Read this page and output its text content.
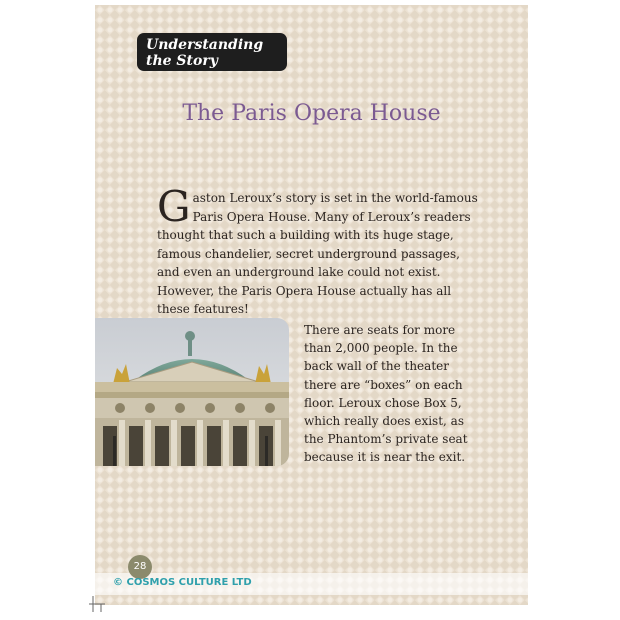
Understanding
the Story
The Paris Opera House
Gaston Leroux’s story is set in the world-famous Paris Opera House. Many of Leroux’s readers thought that such a building with its huge stage, famous chandelier, secret underground passages, and even an underground lake could not exist. However, the Paris Opera House actually has all these features!
There are seats for more than 2,000 people. In the back wall of the theater there are “boxes” on each floor. Leroux chose Box 5, which really does exist, as the Phantom’s private seat because it is near the exit.
28
© COSMOS CULTURE LTD
